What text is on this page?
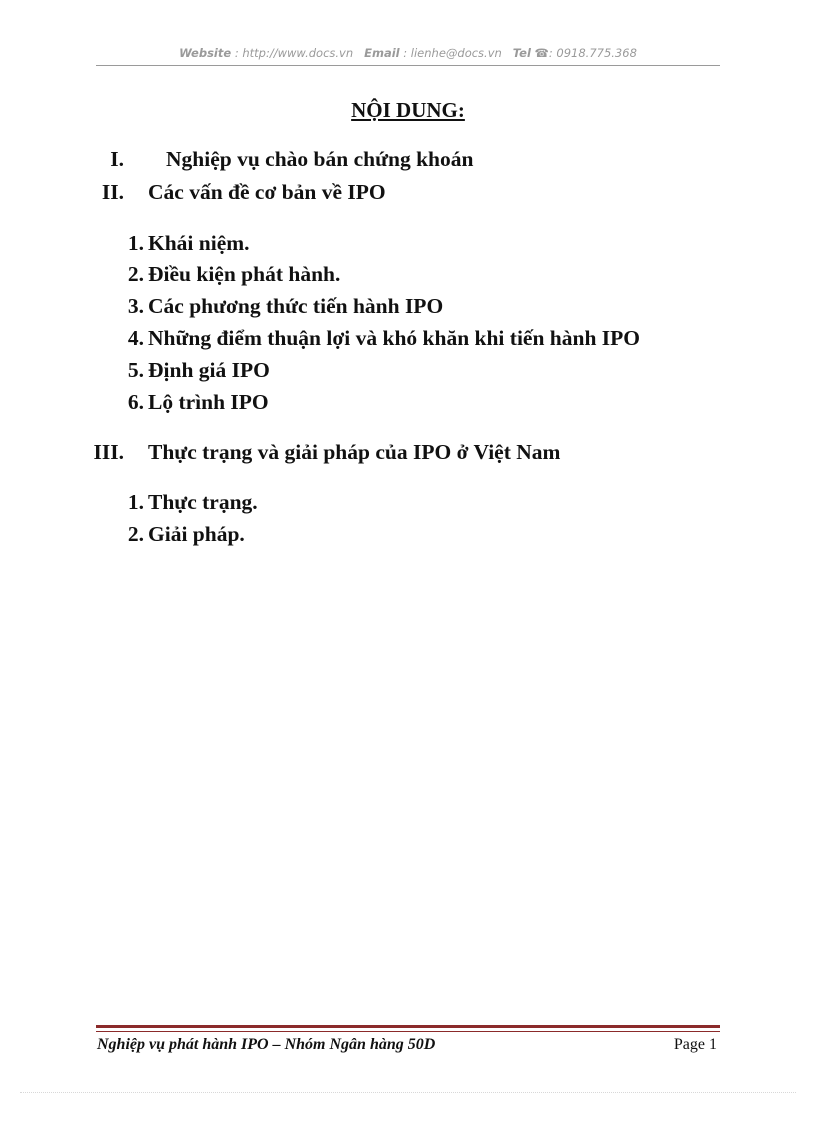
Website : http://www.docs.vn Email : lienhe@docs.vn Tel ☎: 0918.775.368
NỘI DUNG:
I. Nghiệp vụ chào bán chứng khoán
II. Các vấn đề cơ bản về IPO
1. Khái niệm.
2. Điều kiện phát hành.
3. Các phương thức tiến hành IPO
4. Những điểm thuận lợi và khó khăn khi tiến hành IPO
5. Định giá IPO
6. Lộ trình IPO
III. Thực trạng và giải pháp của IPO ở Việt Nam
1. Thực trạng.
2. Giải pháp.
Nghiệp vụ phát hành IPO – Nhóm Ngân hàng 50D	Page 1
